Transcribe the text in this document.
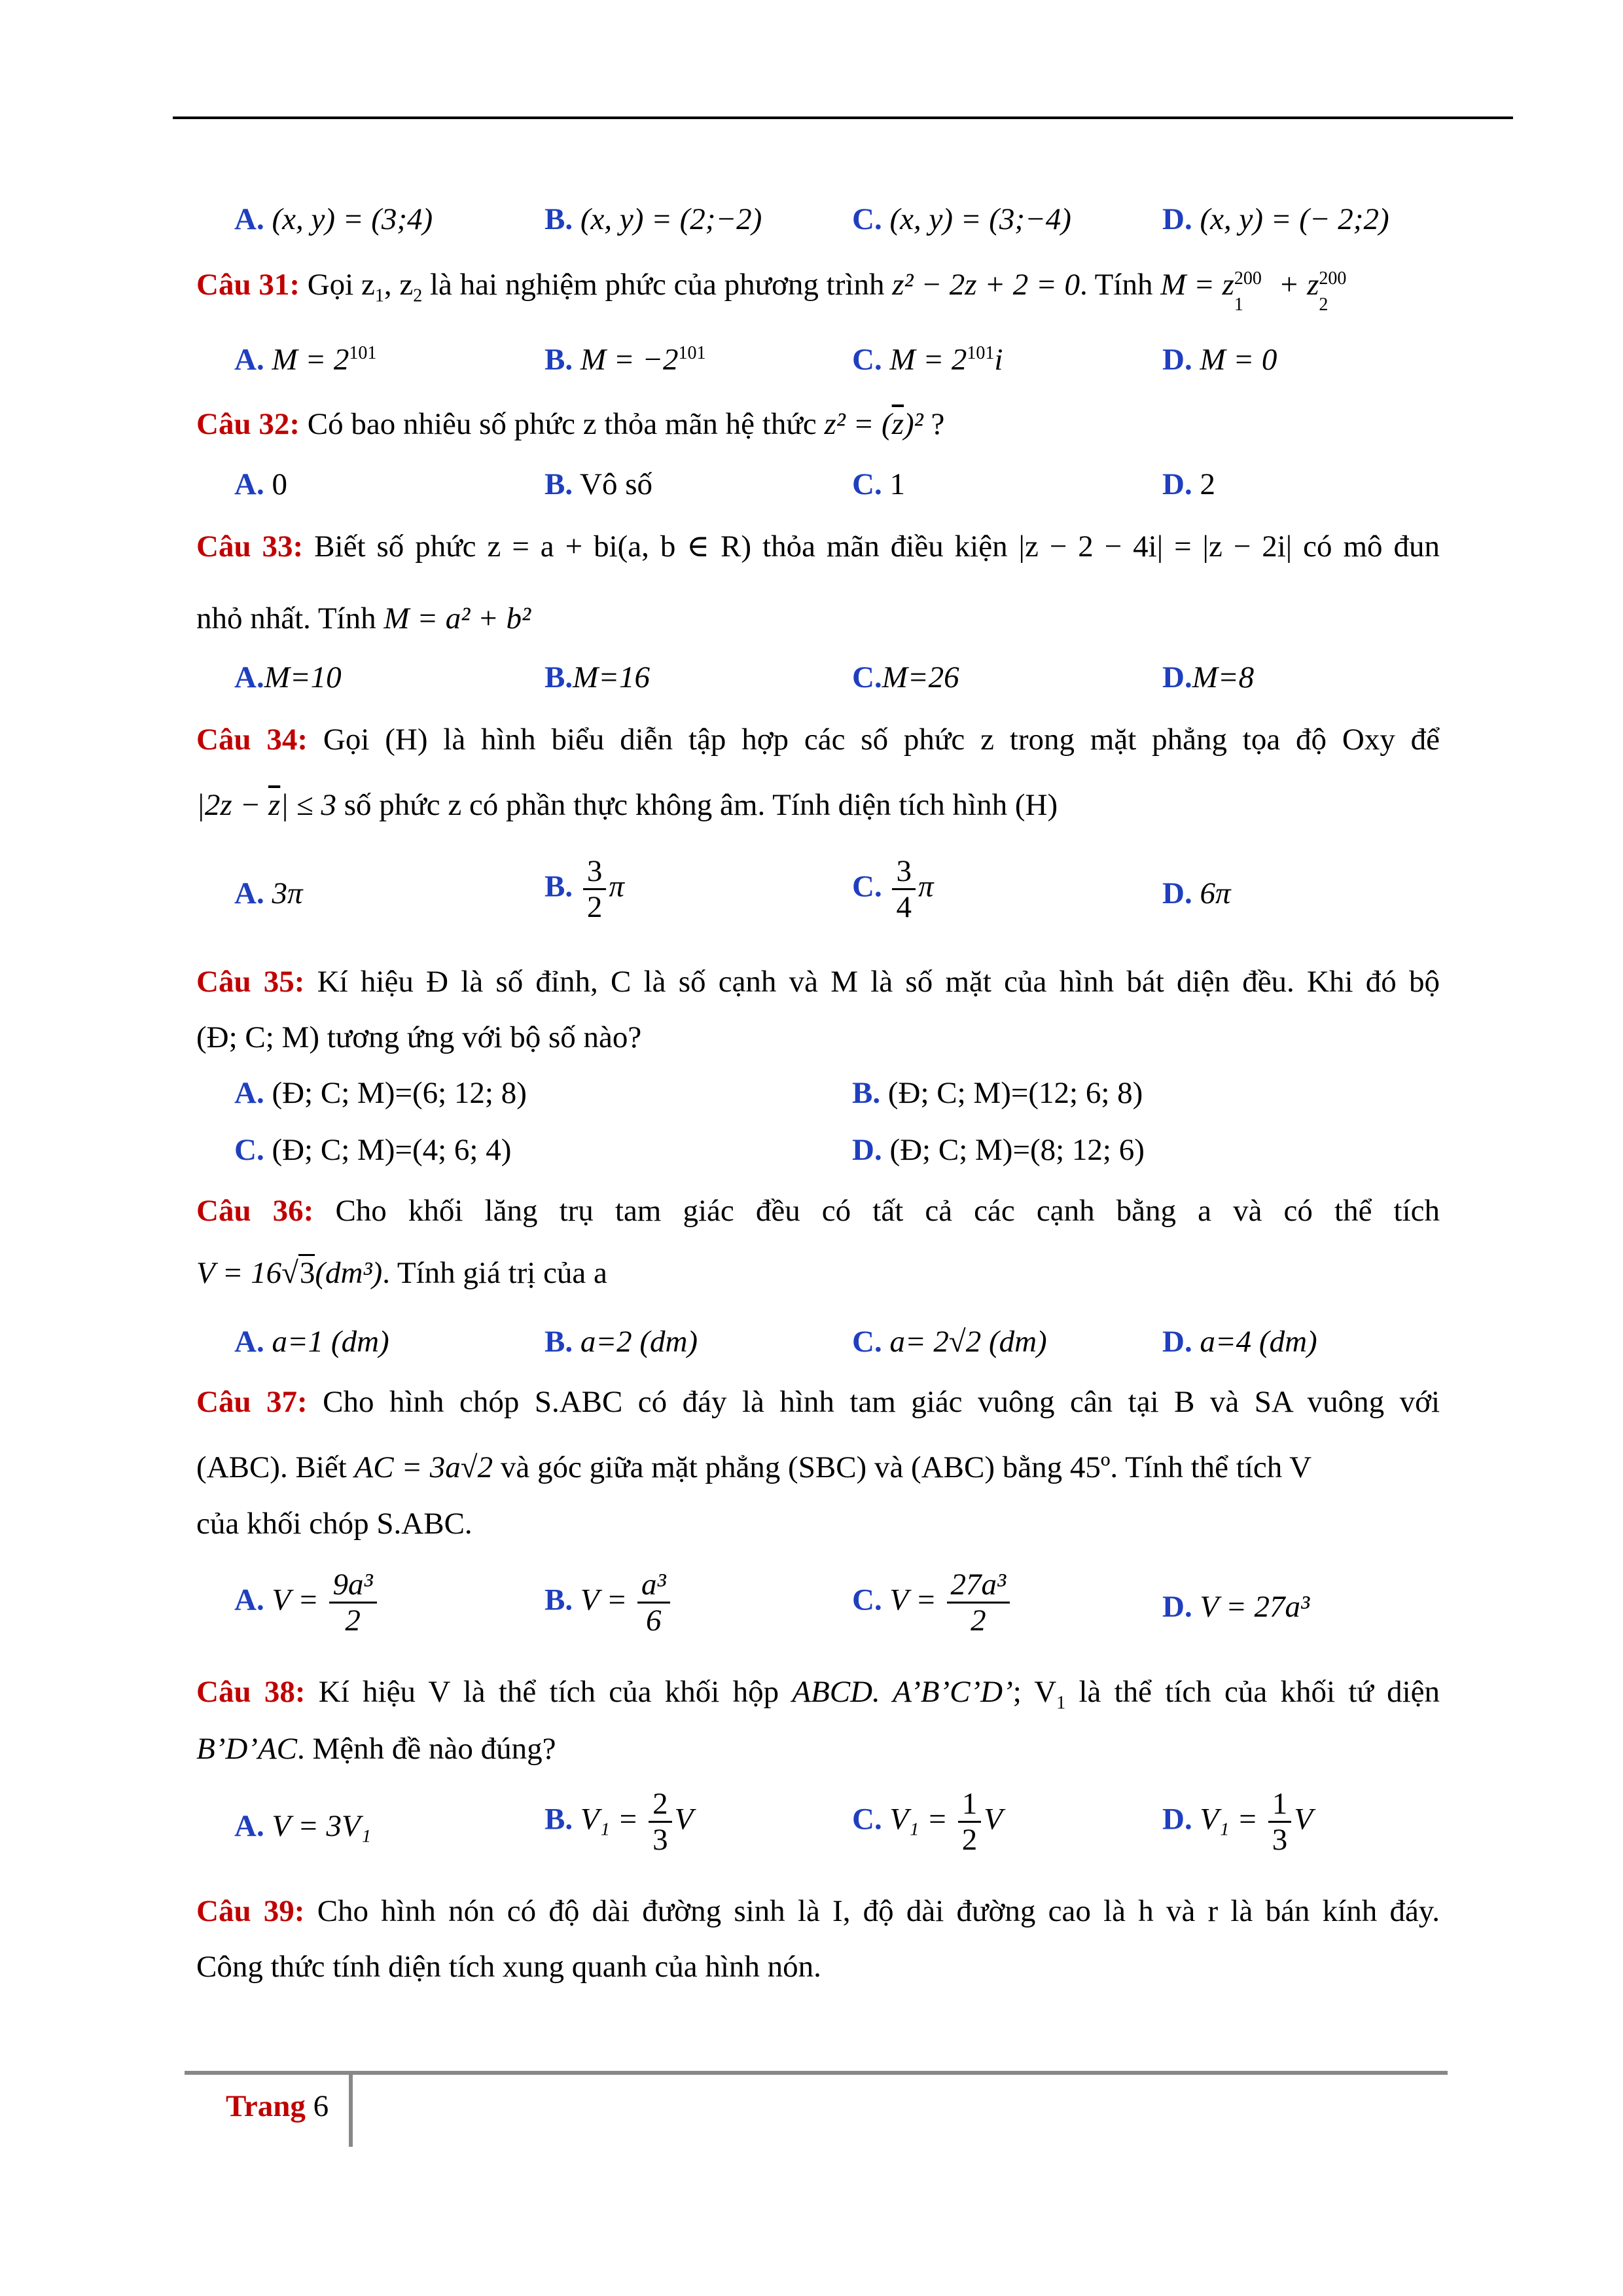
A. (x, y) = (3;4)	B. (x, y) = (2;−2)	C. (x, y) = (3;−4)	D. (x, y) = (− 2;2)
Câu 31: Gọi $z_1$, $z_2$ là hai nghiệm phức của phương trình z² − 2z + 2 = 0. Tính M = z 200
1
+ z 200
2
A. $M = 2^{101}$	B. $M = -2^{101}$	C. $M = 2^{101}i$	D. M = 0
Câu 32: Có bao nhiêu số phức z thỏa mãn hệ thức $z^2 = (\overline{z})^2$ ?
A. 0	B. Vô số	C. 1	D. 2
Câu 33: Biết số phức z = a + bi(a, b ∈ R) thỏa mãn điều kiện |z − 2 − 4i| = |z − 2i| có mô đun
nhỏ nhất. Tính M = a² + b²
A.M=10	B.M=16	C.M=26	D.M=8
Câu 34: Gọi (H) là hình biểu diễn tập hợp các số phức z trong mặt phẳng tọa độ Oxy để
$|2z - \overline{z}| \le 3$ số phức z có phần thực không âm. Tính diện tích hình (H)
A. 3π	B. $\frac{3}{2}$ π	C. $\frac{3}{4}$ π	D. 6π
Câu 35: Kí hiệu Đ là số đỉnh, C là số cạnh và M là số mặt của hình bát diện đều. Khi đó bộ
(Đ; C; M) tương ứng với bộ số nào?
A. (Đ; C; M)=(6; 12; 8)	B. (Đ; C; M)=(12; 6; 8)
C. (Đ; C; M)=(4; 6; 4)	D. (Đ; C; M)=(8; 12; 6)
Câu 36: Cho khối lăng trụ tam giác đều có tất cả các cạnh bằng a và có thể tích
V = 16√3(dm³). Tính giá trị của a
A. a=1 (dm)	B. a=2 (dm)	C. a= 2√2 (dm)	D. a=4 (dm)
Câu 37: Cho hình chóp S.ABC có đáy là hình tam giác vuông cân tại B và SA vuông với
(ABC). Biết AC = 3a√2 và góc giữa mặt phẳng (SBC) và (ABC) bằng 45º. Tính thể tích V
của khối chóp S.ABC.
A. $V = \frac{\text{9a³}}{2}$	B. $V = \frac{\text{a³}}{6}$	C. $V = \frac{\text{27a³}}{2}$	D. V = 27a³
Câu 38: Kí hiệu V là thể tích của khối hộp ABCD. A’B’C’D’; $V_1$ là thể tích của khối tứ diện
B’D’AC. Mệnh đề nào đúng?
A. V = 3V₁	B. $V_1 = \frac{2}{3}$ V	C. $V_1 = \frac{1}{2}$ V	D. $V_1 = \frac{1}{3}$ V
Câu 39: Cho hình nón có độ dài đường sinh là I, độ dài đường cao là h và r là bán kính đáy.
Công thức tính diện tích xung quanh của hình nón.
Trang 6
